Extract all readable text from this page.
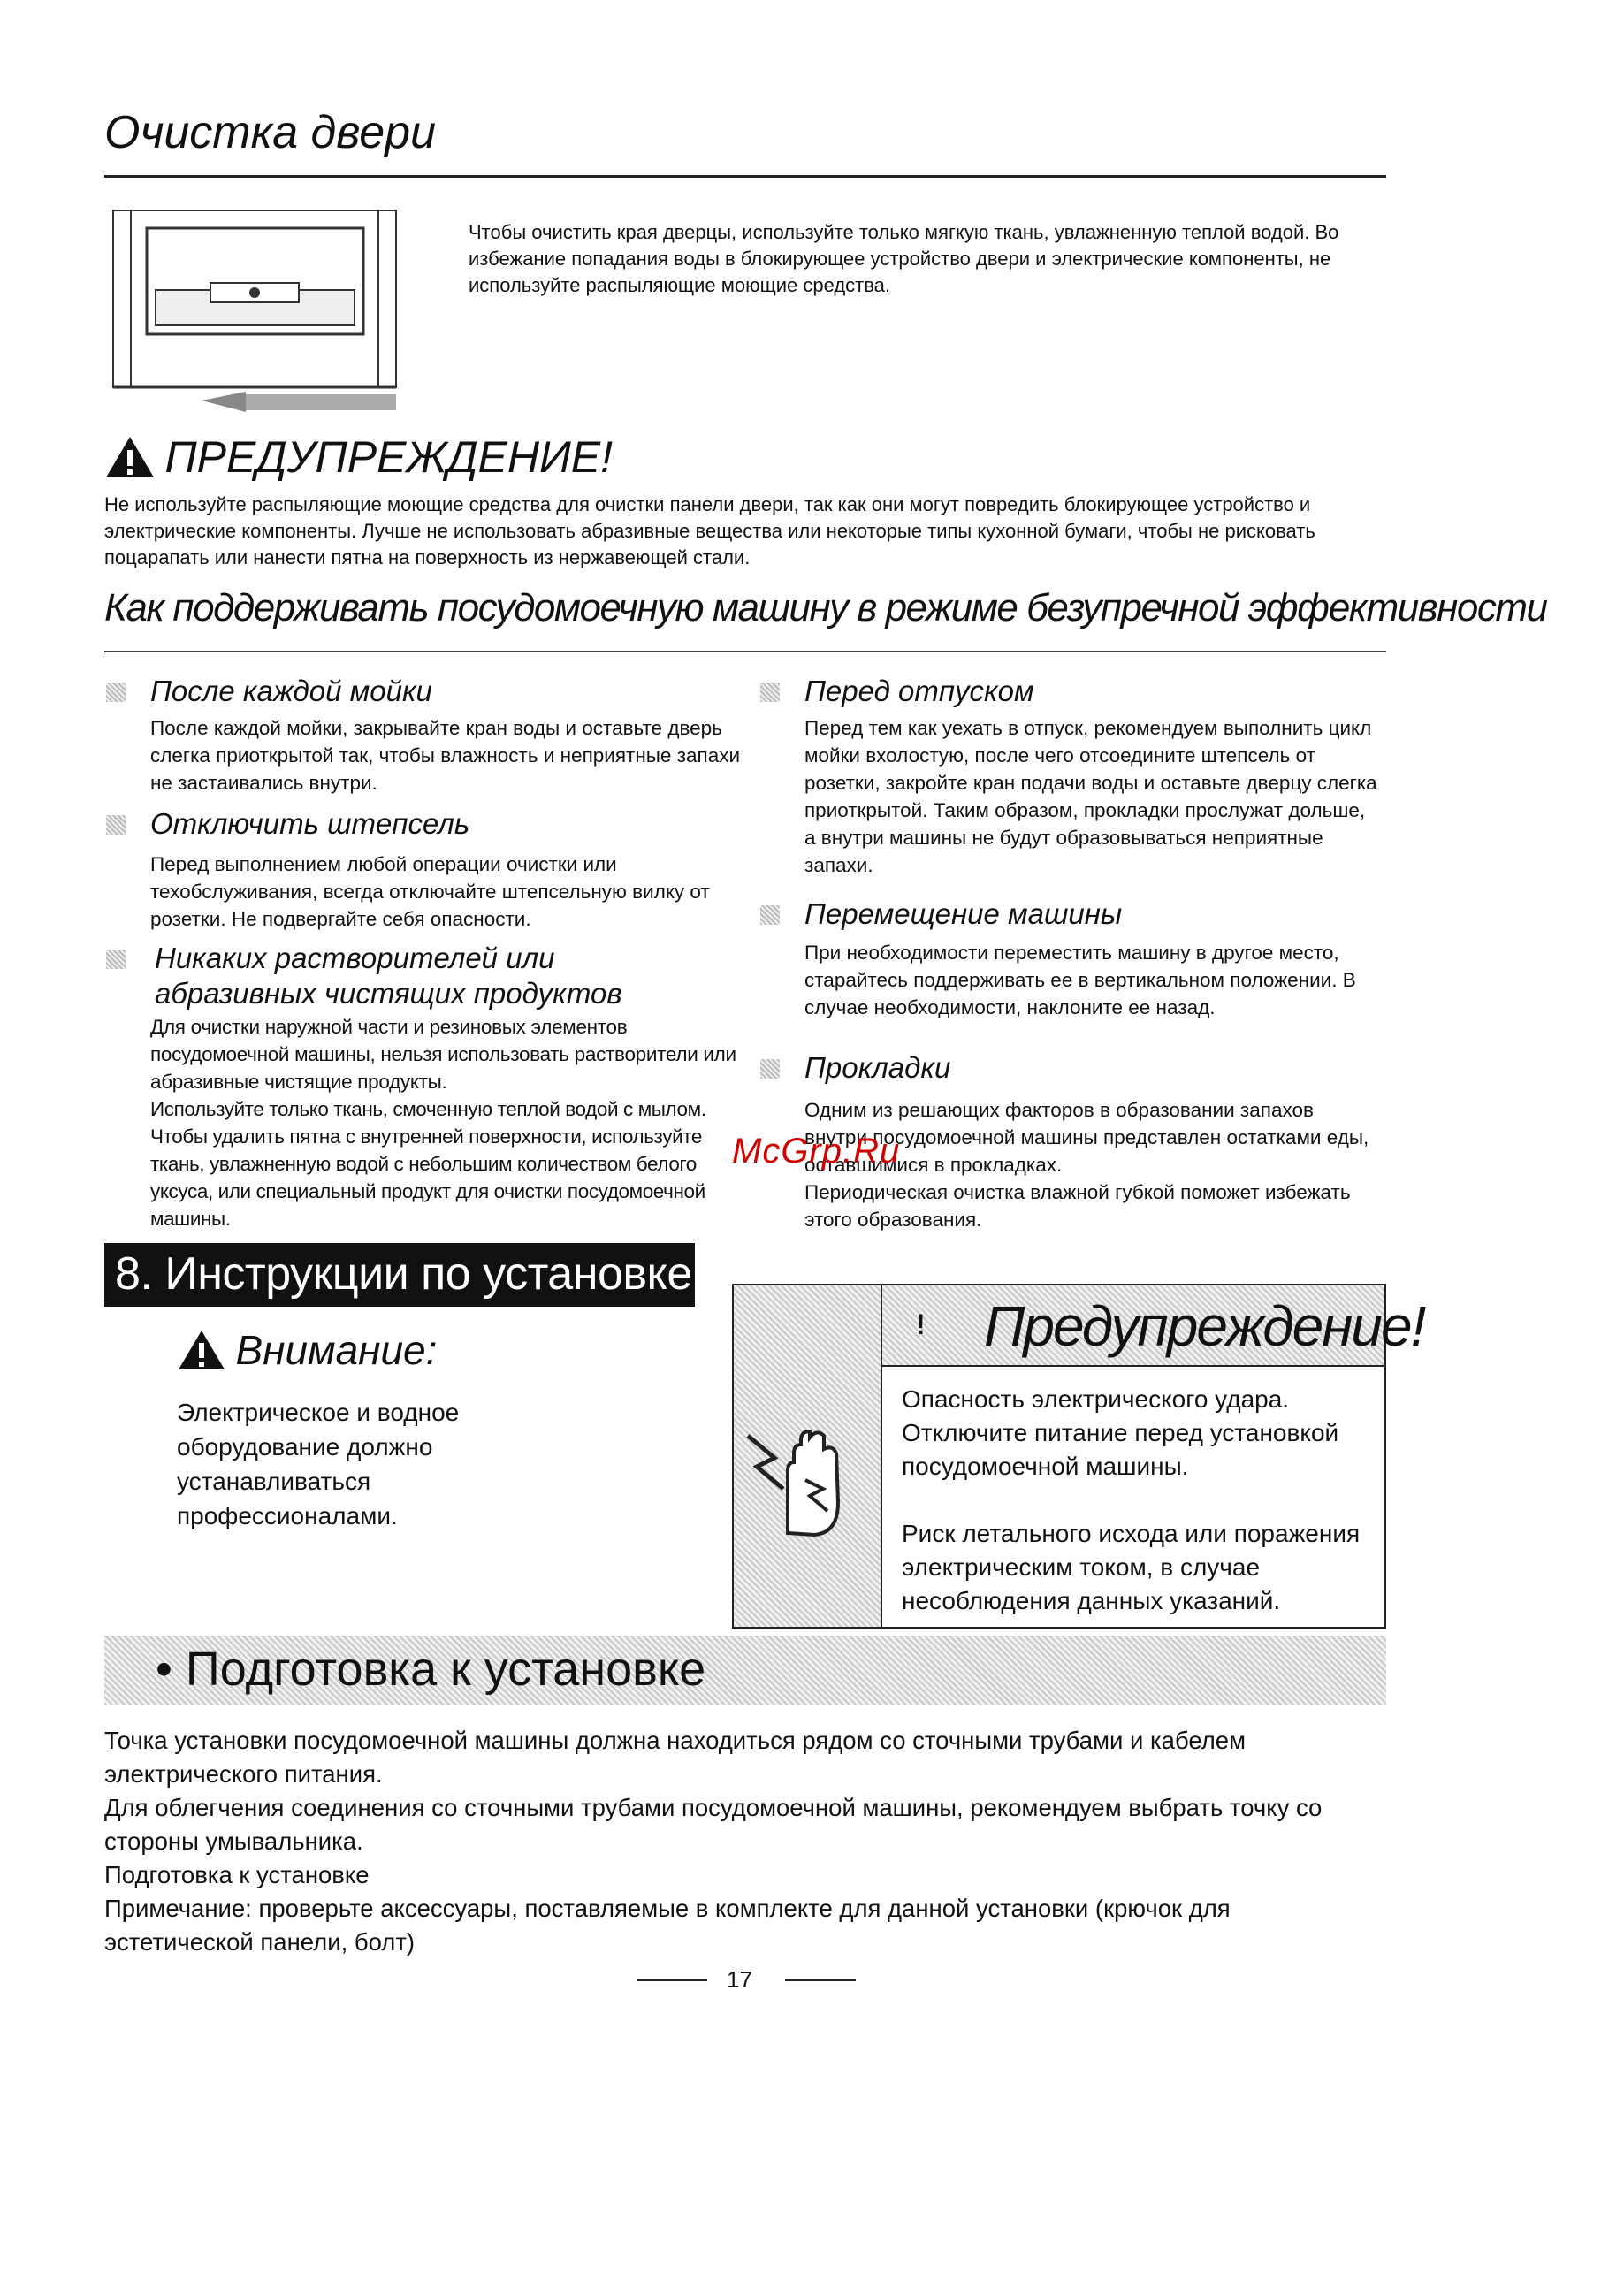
Очистка двери
Чтобы очистить края дверцы, используйте только мягкую ткань, увлажненную теплой водой. Во избежание попадания воды в блокирующее устройство двери и электрические компоненты, не используйте распыляющие моющие средства.
ПРЕДУПРЕЖДЕНИЕ!
Не используйте распыляющие моющие средства для очистки панели двери, так как они могут повредить блокирующее устройство и электрические компоненты. Лучше не использовать абразивные вещества или некоторые типы кухонной бумаги, чтобы не рисковать поцарапать или нанести пятна на поверхность из нержавеющей стали.
Как поддерживать посудомоечную машину в режиме безупречной эффективности
После каждой мойки
После каждой мойки, закрывайте кран воды и оставьте дверь слегка приоткрытой так, чтобы влажность и неприятные запахи не застаивались внутри.
Отключить штепсель
Перед выполнением любой операции очистки или техобслуживания, всегда отключайте штепсельную вилку от розетки. Не подвергайте себя опасности.
Никаких растворителей или абразивных чистящих продуктов
Для очистки наружной части и резиновых элементов посудомоечной машины, нельзя использовать растворители или абразивные чистящие продукты.
Используйте только ткань, смоченную теплой водой с мылом. Чтобы удалить пятна с внутренней поверхности, используйте ткань, увлажненную водой с небольшим количеством белого уксуса, или специальный продукт для очистки посудомоечной машины.
Перед отпуском
Перед тем как уехать в отпуск, рекомендуем выполнить цикл мойки вхолостую, после чего отсоедините штепсель от розетки, закройте кран подачи воды и оставьте дверцу слегка приоткрытой. Таким образом, прокладки прослужат дольше, а внутри машины не будут образовываться неприятные запахи.
Перемещение машины
При необходимости переместить машину в другое место, старайтесь поддерживать ее в вертикальном положении. В случае необходимости, наклоните ее назад.
Прокладки
Одним из решающих факторов в образовании запахов внутри посудомоечной машины представлен остатками еды, оставшимися в прокладках.
Периодическая очистка влажной губкой поможет избежать этого образования.
McGrp.Ru
8. Инструкции по установке
Внимание:
Электрическое и водное оборудование должно устанавливаться профессионалами.
! Предупреждение!
Опасность электрического удара. Отключите питание перед установкой посудомоечной машины.
Риск летального исхода или поражения электрическим током, в случае несоблюдения данных указаний.
• Подготовка к установке
Точка установки посудомоечной машины должна находиться рядом со сточными трубами и кабелем электрического питания.
Для облегчения соединения со сточными трубами посудомоечной машины, рекомендуем выбрать точку со стороны умывальника.
Подготовка к установке
Примечание: проверьте аксессуары, поставляемые в комплекте для данной установки (крючок для эстетической панели, болт)
17
